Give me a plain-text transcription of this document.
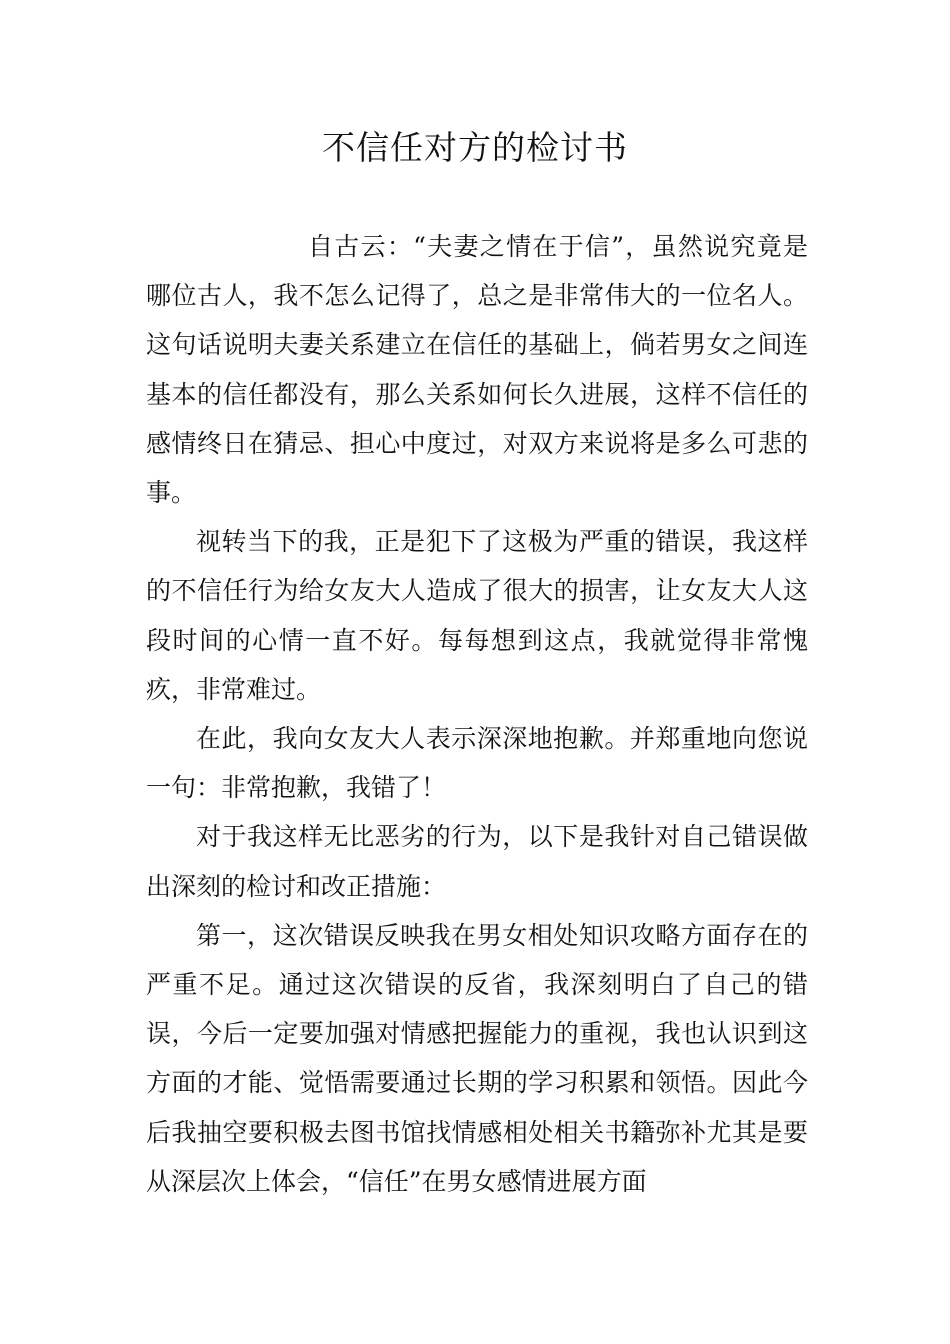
不信任对方的检讨书

自古云：“夫妻之情在于信”，虽然说究竟是哪位古人，我不怎么记得了，总之是非常伟大的一位名人。这句话说明夫妻关系建立在信任的基础上，倘若男女之间连基本的信任都没有，那么关系如何长久进展，这样不信任的感情终日在猜忌、担心中度过，对双方来说将是多么可悲的事。

视转当下的我，正是犯下了这极为严重的错误，我这样的不信任行为给女友大人造成了很大的损害，让女友大人这段时间的心情一直不好。每每想到这点，我就觉得非常愧疚，非常难过。

在此，我向女友大人表示深深地抱歉。并郑重地向您说一句：非常抱歉，我错了！

对于我这样无比恶劣的行为，以下是我针对自己错误做出深刻的检讨和改正措施：

第一，这次错误反映我在男女相处知识攻略方面存在的严重不足。通过这次错误的反省，我深刻明白了自己的错误，今后一定要加强对情感把握能力的重视，我也认识到这方面的才能、觉悟需要通过长期的学习积累和领悟。因此今后我抽空要积极去图书馆找情感相处相关书籍弥补尤其是要从深层次上体会，“信任”在男女感情进展方面
